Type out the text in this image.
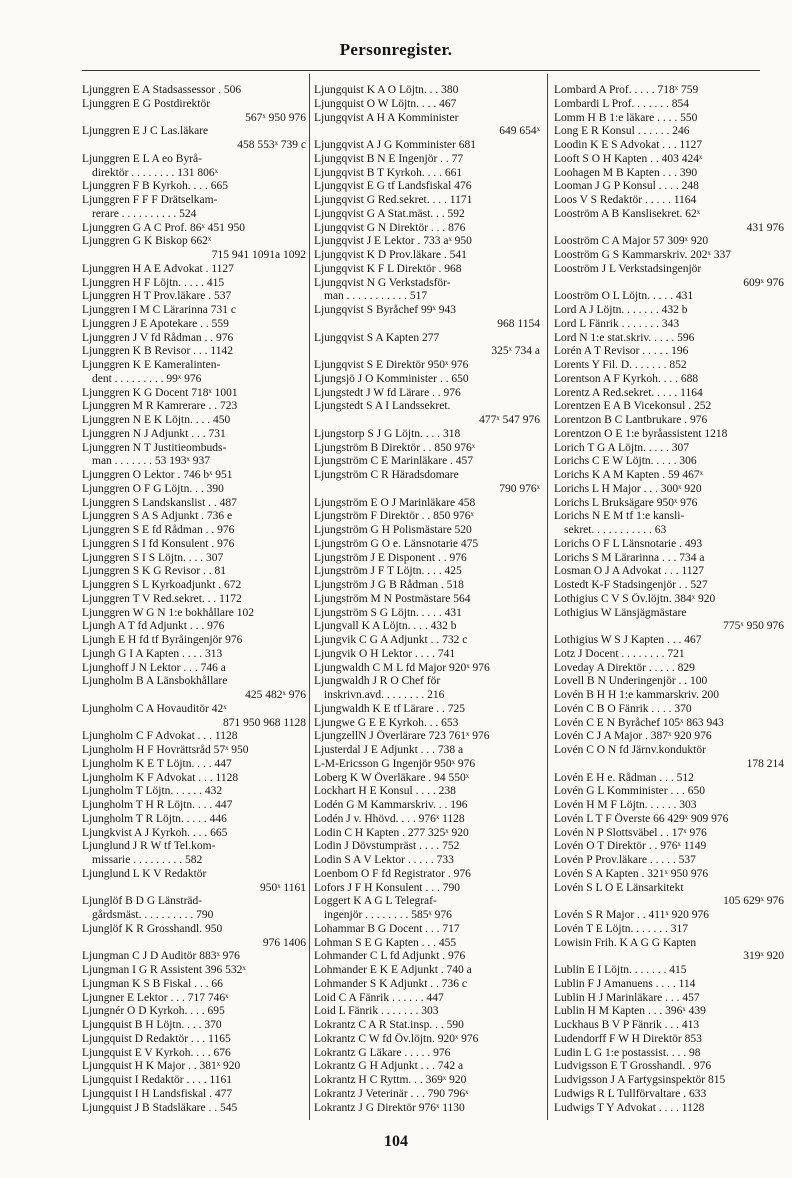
Personregister.
Ljunggren E A Stadsassessor . 506
Ljunggren E G Postdirektör
567ˣ 950 976
Ljunggren E J C Las.läkare
458 553ˣ 739 c
Ljunggren E L A eo Byrå-
direktör . . . . . . . . 131 806ˣ
Ljunggren F B Kyrkoh. . . . 665
Ljunggren F F F Drätselkam-
rerare . . . . . . . . . . 524
Ljunggren G A C Prof. 86ˣ 451 950
Ljunggren G K Biskop 662ˣ
715 941 1091a 1092
Ljunggren H A E Advokat . 1127
Ljunggren H F Löjtn. . . . . 415
Ljunggren H T Prov.läkare . 537
Ljunggren I M C Lärarinna 731 c
Ljunggren J E Apotekare . . 559
Ljunggren J V fd Rådman . . 976
Ljunggren K B Revisor . . . 1142
Ljunggren K E Kameralinten-
dent . . . . . . . . . 99ˣ 976
Ljunggren K G Docent 718ˣ 1001
Ljunggren M R Kamrerare . . 723
Ljunggren N E K Löjtn. . . . 450
Ljunggren N J Adjunkt . . . 731
Ljunggren N T Justitieombuds-
man . . . . . . . 53 193ˣ 937
Ljunggren O Lektor . 746 bˣ 951
Ljunggren O F G Löjtn. . . 390
Ljunggren S Landskanslist . . 487
Ljunggren S A S Adjunkt . 736 e
Ljunggren S E fd Rådman . . 976
Ljunggren S I fd Konsulent . 976
Ljunggren S I S Löjtn. . . . 307
Ljunggren S K G Revisor . . 81
Ljunggren S L Kyrkoadjunkt . 672
Ljunggren T V Red.sekret. . . 1172
Ljunggren W G N 1:e bokhållare 102
Ljungh A T fd Adjunkt . . . 976
Ljungh E H fd tf Byråingenjör 976
Ljungh G I A Kapten . . . . 313
Ljunghoff J N Lektor . . . 746 a
Ljungholm B A Länsbokhållare
425 482ˣ 976
Ljungholm C A Hovauditör 42ˣ
871 950 968 1128
Ljungholm C F Advokat . . . 1128
Ljungholm H F Hovrättsråd 57ˣ 950
Ljungholm K E T Löjtn. . . . 447
Ljungholm K F Advokat . . . 1128
Ljungholm T Löjtn. . . . . . 432
Ljungholm T H R Löjtn. . . . 447
Ljungholm T R Löjtn. . . . . 446
Ljungkvist A J Kyrkoh. . . . 665
Ljunglund J R W tf Tel.kom-
missarie . . . . . . . . . 582
Ljunglund L K V Redaktör
950ˣ 1161
Ljunglöf B D G Länsträd-
gårdsmäst. . . . . . . . . . 790
Ljunglöf K R Grosshandl. 950
976 1406
Ljungman C J D Auditör 883ˣ 976
Ljungman I G R Assistent 396 532ˣ
Ljungman K S B Fiskal . . . 66
Ljungner E Lektor . . . 717 746ˣ
Ljungnér O D Kyrkoh. . . . 695
Ljungquist B H Löjtn. . . . 370
Ljungquist D Redaktör . . . 1165
Ljungquist E V Kyrkoh. . . . 676
Ljungquist H K Major . . 381ˣ 920
Ljungquist I Redaktör . . . . 1161
Ljungquist I H Landsfiskal . 477
Ljungquist J B Stadsläkare . . 545
Ljungquist K A O Löjtn. . . 380
Ljungquist O W Löjtn. . . . 467
Ljungqvist A H A Komminister
649 654ˣ
Ljungqvist A J G Komminister 681
Ljungqvist B N E Ingenjör . . 77
Ljungqvist B T Kyrkoh. . . . 661
Ljungqvist E G tf Landsfiskal 476
Ljungqvist G Red.sekret. . . . 1171
Ljungqvist G A Stat.mäst. . . 592
Ljungqvist G N Direktör . . . 876
Ljungqvist J E Lektor . 733 aˣ 950
Ljungqvist K D Prov.läkare . 541
Ljungqvist K F L Direktör . 968
Ljungqvist N G Verkstadsför-
man . . . . . . . . . . . 517
Ljungqvist S Byråchef 99ˣ 943
968 1154
Ljungqvist S A Kapten 277
325ˣ 734 a
Ljungqvist S E Direktör 950ˣ 976
Ljungsjö J O Komminister . . 650
Ljungstedt J W fd Lärare . . 976
Ljungstedt S A I Landssekret.
477ˣ 547 976
Ljungstorp S J G Löjtn. . . . 318
Ljungström B Direktör . . 850 976ˣ
Ljungström C E Marinläkare . 457
Ljungström C R Häradsdomare
790 976ˣ
Ljungström E O J Marinläkare 458
Ljungström F Direktör . . 850 976ˣ
Ljungström G H Polismästare 520
Ljungström G O e. Länsnotarie 475
Ljungström J E Disponent . . 976
Ljungström J F T Löjtn. . . . 425
Ljungström J G B Rådman . 518
Ljungström M N Postmästare 564
Ljungström S G Löjtn. . . . . 431
Ljungvall K A Löjtn. . . . 432 b
Ljungvik C G A Adjunkt . . 732 c
Ljungvik O H Lektor . . . . 741
Ljungwaldh C M L fd Major 920ˣ 976
Ljungwaldh J R O Chef för
inskrivn.avd. . . . . . . . 216
Ljungwaldh K E tf Lärare . . 725
Ljungwe G E E Kyrkoh. . . 653
LjungzellN J Överlärare 723 761ˣ 976
Ljusterdal J E Adjunkt . . . 738 a
L-M-Ericsson G Ingenjör 950ˣ 976
Loberg K W Överläkare . 94 550ˣ
Lockhart H E Konsul . . . . 238
Lodén G M Kammarskriv. . . 196
Lodén J v. Hhövd. . . . 976ˣ 1128
Lodin C H Kapten . 277 325ˣ 920
Lodin J Dövstumpräst . . . . 752
Lodin S A V Lektor . . . . . 733
Loenbom O F fd Registrator . 976
Lofors J F H Konsulent . . . 790
Loggert K A G L Telegraf-
ingenjör . . . . . . . . 585ˣ 976
Lohammar B G Docent . . . 717
Lohman S E G Kapten . . . 455
Lohmander C L fd Adjunkt . 976
Lohmander E K E Adjunkt . 740 a
Lohmander S K Adjunkt . . 736 c
Loid C A Fänrik . . . . . . 447
Loid L Fänrik . . . . . . . 303
Lokrantz C A R Stat.insp. . . 590
Lokrantz C W fd Öv.löjtn. 920ˣ 976
Lokrantz G Läkare . . . . . 976
Lokrantz G H Adjunkt . . . 742 a
Lokrantz H C Ryttm. . . 369ˣ 920
Lokrantz J Veterinär . . . 790 796ˣ
Lokrantz J G Direktör 976ˣ 1130
Lombard A Prof. . . . . 718ˣ 759
Lombardi L Prof. . . . . . . 854
Lomm H B 1:e läkare . . . . 550
Long E R Konsul . . . . . . 246
Loodin K E S Advokat . . . 1127
Looft S O H Kapten . . 403 424ˣ
Loohagen M B Kapten . . . 390
Looman J G P Konsul . . . . 248
Loos V S Redaktör . . . . . 1164
Looström A B Kanslisekret. 62ˣ
431 976
Looström C A Major 57 309ˣ 920
Looström G S Kammarskriv. 202ˣ 337
Looström J L Verkstadsingenjör
609ˣ 976
Looström O L Löjtn. . . . . 431
Lord A J Löjtn. . . . . . . 432 b
Lord L Fänrik . . . . . . . 343
Lord N 1:e stat.skriv. . . . . 596
Lorén A T Revisor . . . . . 196
Lorents Y Fil. D. . . . . . . 852
Lorentson A F Kyrkoh. . . . 688
Lorentz A Red.sekret. . . . . 1164
Lorentzen E A B Vicekonsul . 252
Lorentzon B C Lantbrukare . 976
Lorentzon O E 1:e byråassistent 1218
Lorich T G A Löjtn. . . . . 307
Lorichs C E W Löjtn. . . . . 306
Lorichs K A M Kapten . 59 467ˣ
Lorichs L H Major . . . 300ˣ 920
Lorichs L Bruksägare 950ˣ 976
Lorichs N E M tf 1:e kansli-
sekret. . . . . . . . . . . 63
Lorichs O F L Länsnotarie . 493
Lorichs S M Lärarinna . . . 734 a
Losman O J A Advokat . . . 1127
Lostedt K-F Stadsingenjör . . 527
Lothigius C V S Öv.löjtn. 384ˣ 920
Lothigius W Länsjägmästare
775ˣ 950 976
Lothigius W S J Kapten . . . 467
Lotz J Docent . . . . . . . . 721
Loveday A Direktör . . . . . 829
Lovell B N Underingenjör . . 100
Lovén B H H 1:e kammarskriv. 200
Lovén C B O Fänrik . . . . 370
Lovén C E N Byråchef 105ˣ 863 943
Lovén C J A Major . 387ˣ 920 976
Lovén C O N fd Järnv.konduktör
178 214
Lovén E H e. Rådman . . . 512
Lovén G L Komminister . . . 650
Lovén H M F Löjtn. . . . . . 303
Lovén L T F Överste 66 429ˣ 909 976
Lovén N P Slottsväbel . . 17ˣ 976
Lovén O T Direktör . . 976ˣ 1149
Lovén P Prov.läkare . . . . . 537
Lovén S A Kapten . 321ˣ 950 976
Lovén S L O E Länsarkitekt
105 629ˣ 976
Lovén S R Major . . 411ˣ 920 976
Lovén T E Löjtn. . . . . . . 317
Lowisin Frih. K A G G Kapten
319ˣ 920
Lublin E I Löjtn. . . . . . . 415
Lublin F J Amanuens . . . . 114
Lublin H J Marinläkare . . . 457
Lublin H M Kapten . . . 396ˣ 439
Luckhaus B V P Fänrik . . . 413
Ludendorff F W H Direktör 853
Ludin L G 1:e postassist. . . . 98
Ludvigsson E T Grosshandl. . 976
Ludvigsson J A Fartygsinspektör 815
Ludwigs R L Tullförvaltare . 633
Ludwigs T Y Advokat . . . . 1128
104
